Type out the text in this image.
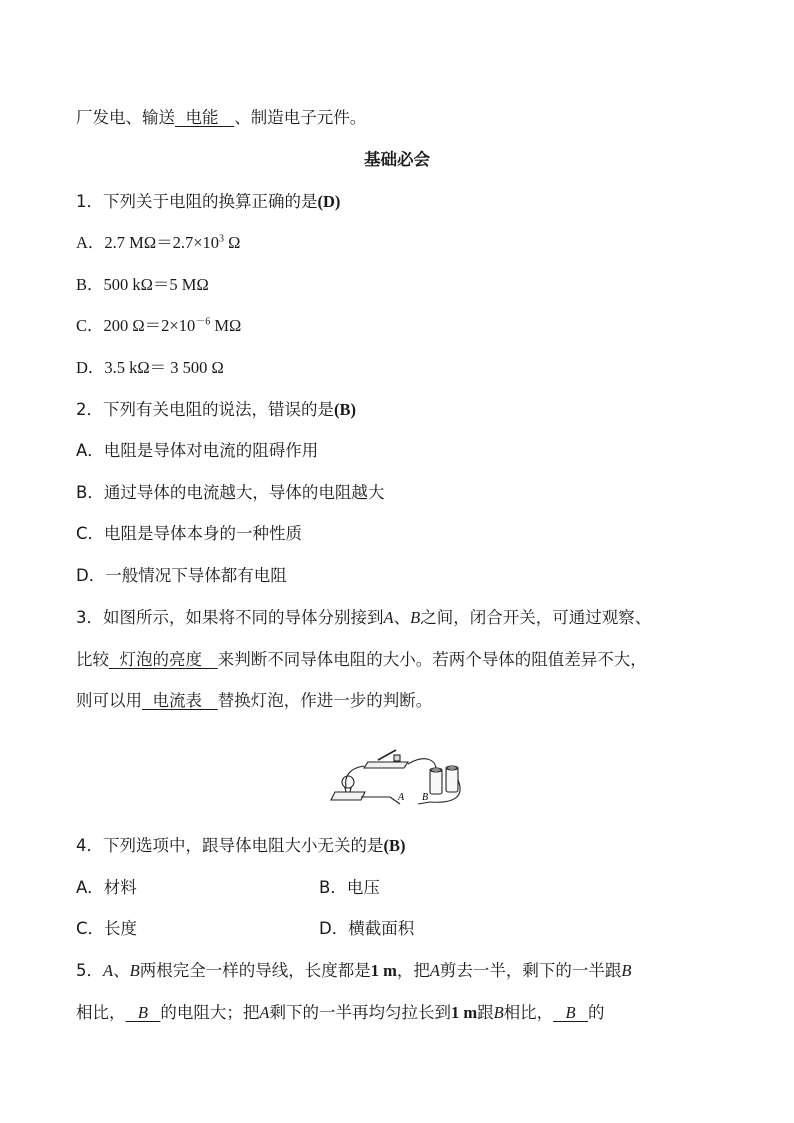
厂发电、输送 电能 、制造电子元件。
基础必会
1．下列关于电阻的换算正确的是(D)
A．2.7 $M\Omega=2.7\times 10^3$ Ω
B．500 kΩ＝5 MΩ
C．200 $\Omega=2\times 10^{-6}$ MΩ
D．3.5 kΩ＝ 3 500 Ω
2．下列有关电阻的说法，错误的是(B)
A．电阻是导体对电流的阻碍作用
B．通过导体的电流越大，导体的电阻越大
C．电阻是导体本身的一种性质
D．一般情况下导体都有电阻
3．如图所示，如果将不同的导体分别接到A、B之间，闭合开关，可通过观察、
比较 灯泡的亮度 来判断不同导体电阻的大小。若两个导体的阻值差异不大，
则可以用 电流表 替换灯泡，作进一步的判断。
A B
4．下列选项中，跟导体电阻大小无关的是(B)
A．材料	B．电压
C．长度	D．横截面积
5．A、B两根完全一样的导线，长度都是1 m，把A剪去一半，剩下的一半跟B
相比， B 的电阻大；把A剩下的一半再均匀拉长到1 m跟B相比， B 的
